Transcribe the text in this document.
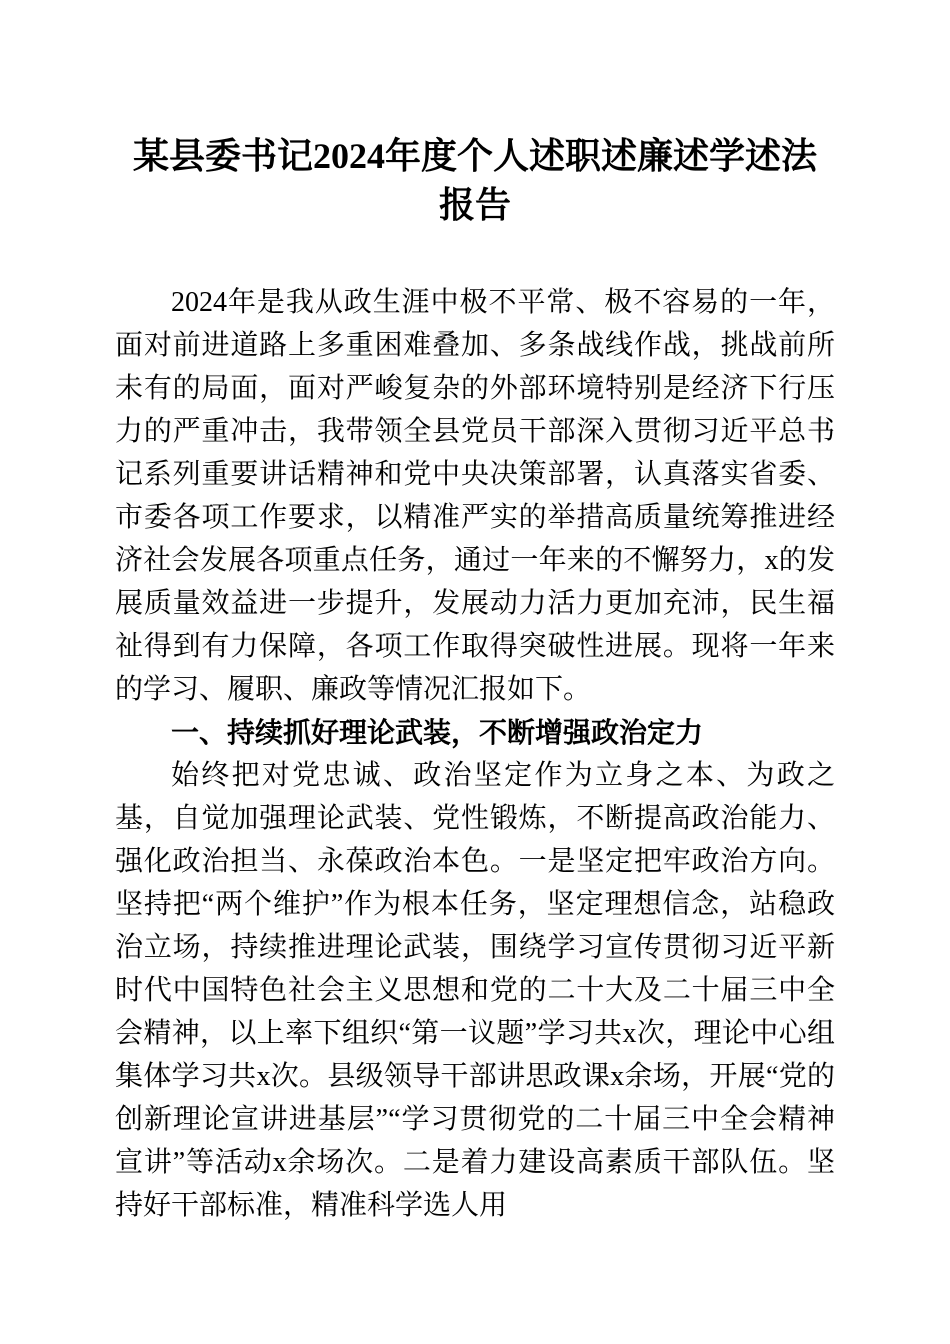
某县委书记2024年度个人述职述廉述学述法报告

2024年是我从政生涯中极不平常、极不容易的一年，面对前进道路上多重困难叠加、多条战线作战，挑战前所未有的局面，面对严峻复杂的外部环境特别是经济下行压力的严重冲击，我带领全县党员干部深入贯彻习近平总书记系列重要讲话精神和党中央决策部署，认真落实省委、市委各项工作要求，以精准严实的举措高质量统筹推进经济社会发展各项重点任务，通过一年来的不懈努力，x的发展质量效益进一步提升，发展动力活力更加充沛，民生福祉得到有力保障，各项工作取得突破性进展。现将一年来的学习、履职、廉政等情况汇报如下。

一、持续抓好理论武装，不断增强政治定力

始终把对党忠诚、政治坚定作为立身之本、为政之基，自觉加强理论武装、党性锻炼，不断提高政治能力、强化政治担当、永葆政治本色。一是坚定把牢政治方向。坚持把“两个维护”作为根本任务，坚定理想信念，站稳政治立场，持续推进理论武装，围绕学习宣传贯彻习近平新时代中国特色社会主义思想和党的二十大及二十届三中全会精神，以上率下组织“第一议题”学习共x次，理论中心组集体学习共x次。县级领导干部讲思政课x余场，开展“党的创新理论宣讲进基层”“学习贯彻党的二十届三中全会精神宣讲”等活动x余场次。二是着力建设高素质干部队伍。坚持好干部标准，精准科学选人用
